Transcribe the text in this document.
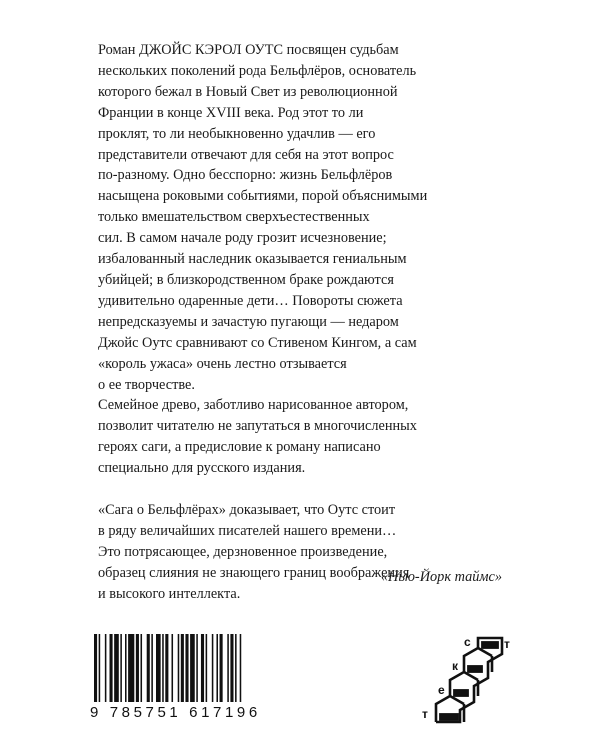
Роман ДЖОЙС КЭРОЛ ОУТС посвящен судьбам
нескольких поколений рода Бельфлёров, основатель
которого бежал в Новый Свет из революционной
Франции в конце XVIII века. Род этот то ли
проклят, то ли необыкновенно удачлив — его
представители отвечают для себя на этот вопрос
по-разному. Одно бесспорно: жизнь Бельфлёров
насыщена роковыми событиями, порой объяснимыми
только вмешательством сверхъестественных
сил. В самом начале роду грозит исчезновение;
избалованный наследник оказывается гениальным
убийцей; в близкородственном браке рождаются
удивительно одаренные дети… Повороты сюжета
непредсказуемы и зачастую пугающи — недаром
Джойс Оутс сравнивают со Стивеном Кингом, а сам
«король ужаса» очень лестно отзывается
о ее творчестве.
Семейное древо, заботливо нарисованное автором,
позволит читателю не запутаться в многочисленных
героях саги, а предисловие к роману написано
специально для русского издания.
«Сага о Бельфлёрах» доказывает, что Оутс стоит
в ряду величайших писателей нашего времени…
Это потрясающее, дерзновенное произведение,
образец слияния не знающего границ воображения
и высокого интеллекта.
«Нью-Йорк таймс»
9 785751 617196	т
е
к
с	т
